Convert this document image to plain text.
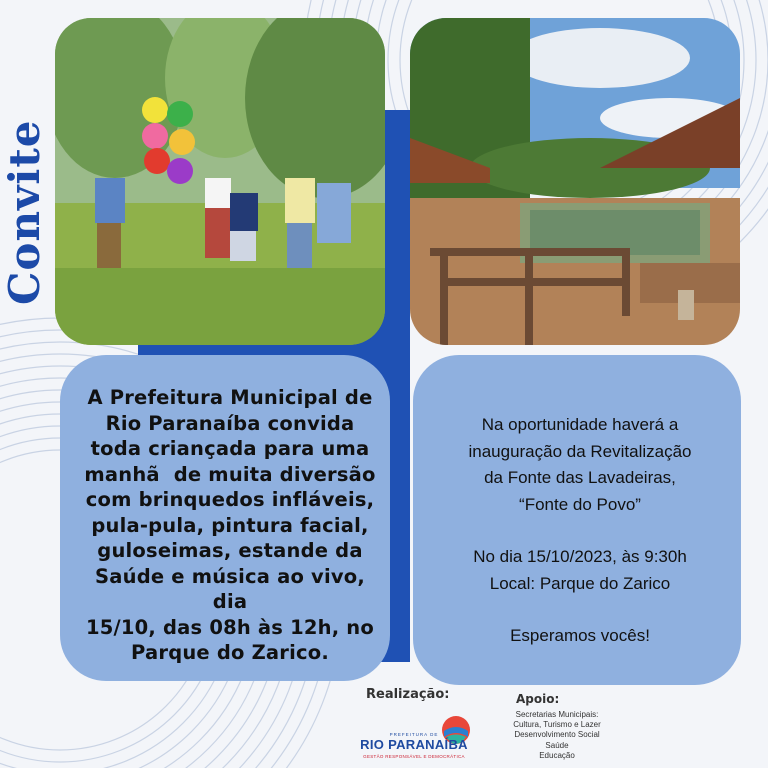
Convite
A Prefeitura Municipal de
Rio Paranaíba convida
toda criançada para uma
manhã  de muita diversão
com brinquedos infláveis,
pula-pula, pintura facial,
guloseimas, estande da
Saúde e música ao vivo, dia
15/10, das 08h às 12h, no
Parque do Zarico.
Na oportunidade haverá a
inauguração da Revitalização
da Fonte das Lavadeiras,
“Fonte do Povo”
No dia 15/10/2023, às 9:30h
Local: Parque do Zarico
Esperamos vocês!
Realização:	Apoio:
Secretarias Municipais:
Cultura, Turismo e Lazer
Desenvolvimento Social
Saúde
Educação
PREFEITURA DE
RIO PARANAÍBA
GESTÃO RESPONSÁVEL E DEMOCRÁTICA
